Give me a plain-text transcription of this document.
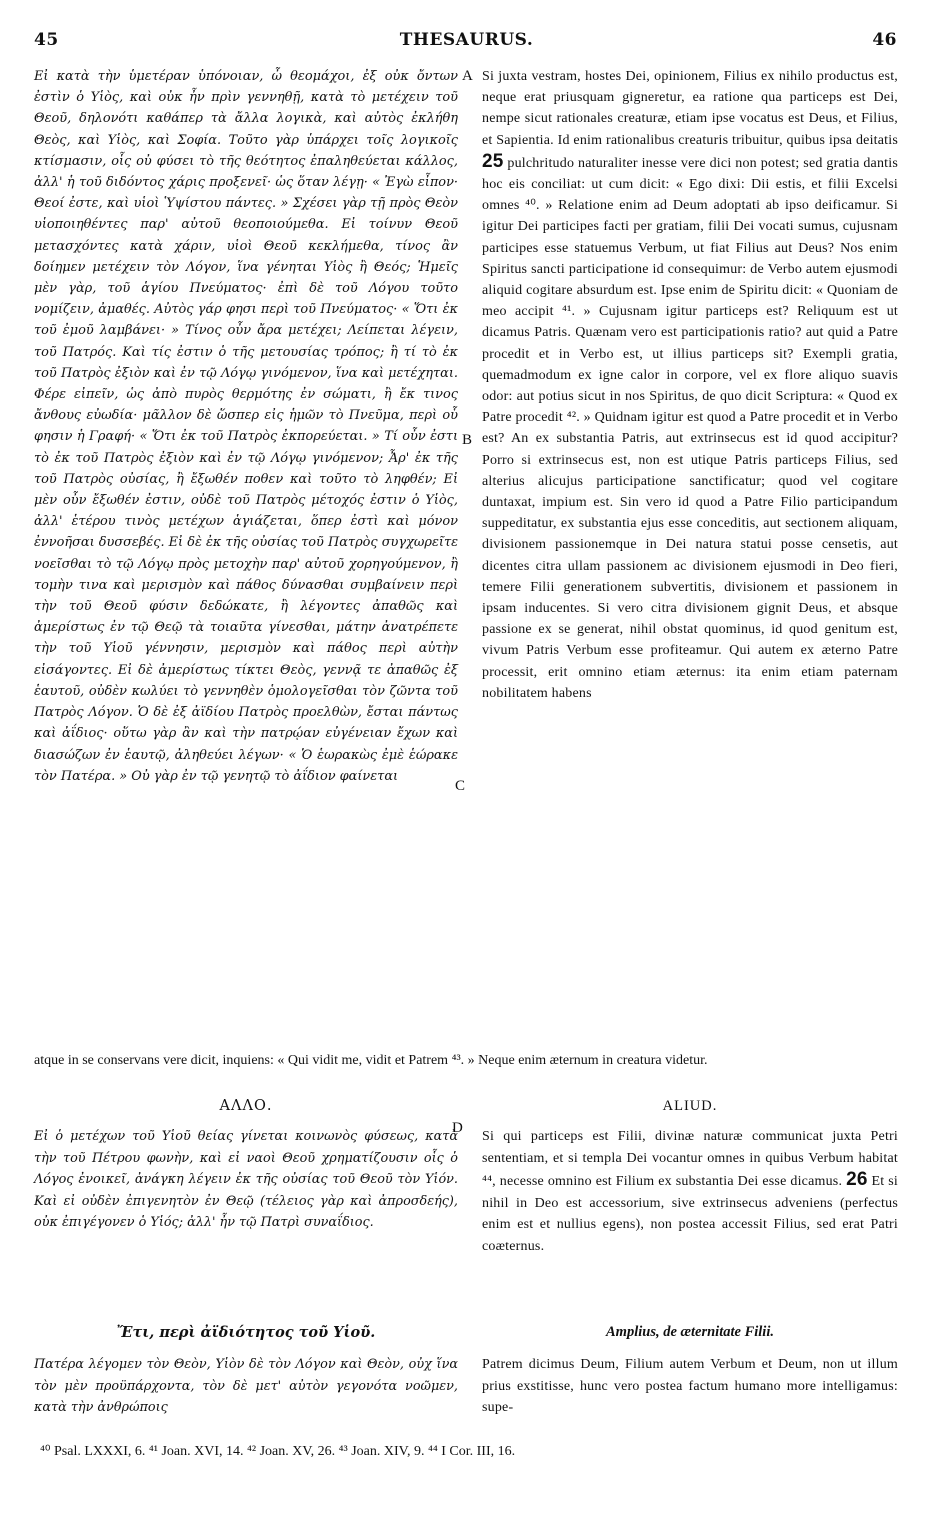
45	THESAURUS.	46

Εἰ κατὰ τὴν ὑμετέραν ὑπόνοιαν, ὦ θεομάχοι, ἐξ οὐκ ὄντων ἐστὶν ὁ Υἱὸς, καὶ οὐκ ἦν πρὶν γεννηθῇ, κατὰ τὸ μετέχειν τοῦ Θεοῦ, δηλονότι καθάπερ τὰ ἄλλα λογικὰ, καὶ αὐτὸς ἐκλήθη Θεὸς, καὶ Υἱὸς, καὶ Σοφία. Τοῦτο γὰρ ὑπάρχει τοῖς λογικοῖς κτίσμασιν, οἷς οὐ φύσει τὸ τῆς θεότητος ἐπαληθεύεται κάλλος, ἀλλ' ἡ τοῦ διδόντος χάρις προξενεῖ· ὡς ὅταν λέγῃ· « Ἐγὼ εἶπον· Θεοί ἐστε, καὶ υἱοὶ Ὑψίστου πάντες. » Σχέσει γὰρ τῇ πρὸς Θεὸν υἱοποιηθέντες παρ' αὐτοῦ θεοποιούμεθα. Εἰ τοίνυν Θεοῦ μετασχόντες κατὰ χάριν, υἱοὶ Θεοῦ κεκλήμεθα, τίνος ἂν δοίημεν μετέχειν τὸν Λόγον, ἵνα γένηται Υἱὸς ἢ Θεός; Ἡμεῖς μὲν γὰρ, τοῦ ἁγίου Πνεύματος· ἐπὶ δὲ τοῦ Λόγου τοῦτο νομίζειν, ἀμαθές. Αὐτὸς γάρ φησι περὶ τοῦ Πνεύματος· « Ὅτι ἐκ τοῦ ἐμοῦ λαμβάνει· » Τίνος οὖν ἄρα μετέχει; Λείπεται λέγειν, τοῦ Πατρός. Καὶ τίς ἐστιν ὁ τῆς μετουσίας τρόπος; ἢ τί τὸ ἐκ τοῦ Πατρὸς ἐξιὸν καὶ ἐν τῷ Λόγῳ γινόμενον, ἵνα καὶ μετέχηται. Φέρε εἰπεῖν, ὡς ἀπὸ πυρὸς θερμότης ἐν σώματι, ἢ ἔκ τινος ἄνθους εὐωδία· μᾶλλον δὲ ὥσπερ εἰς ἡμῶν τὸ Πνεῦμα, περὶ οὗ φησιν ἡ Γραφή· « Ὅτι ἐκ τοῦ Πατρὸς ἐκπορεύεται. » Τί οὖν ἐστι τὸ ἐκ τοῦ Πατρὸς ἐξιὸν καὶ ἐν τῷ Λόγῳ γινόμενον; Ἆρ' ἐκ τῆς τοῦ Πατρὸς οὐσίας, ἢ ἔξωθέν ποθεν καὶ τοῦτο τὸ ληφθέν; Εἰ μὲν οὖν ἔξωθέν ἐστιν, οὐδὲ τοῦ Πατρὸς μέτοχός ἐστιν ὁ Υἱὸς, ἀλλ' ἑτέρου τινὸς μετέχων ἁγιάζεται, ὅπερ ἐστὶ καὶ μόνον ἐννοῆσαι δυσσεβές. Εἰ δὲ ἐκ τῆς οὐσίας τοῦ Πατρὸς συγχωρεῖτε νοεῖσθαι τὸ τῷ Λόγῳ πρὸς μετοχὴν παρ' αὐτοῦ χορηγούμενον, ἢ τομὴν τινα καὶ μερισμὸν καὶ πάθος δύνασθαι συμβαίνειν περὶ τὴν τοῦ Θεοῦ φύσιν δεδώκατε, ἢ λέγοντες ἀπαθῶς καὶ ἀμερίστως ἐν τῷ Θεῷ τὰ τοιαῦτα γίνεσθαι, μάτην ἀνατρέπετε τὴν τοῦ Υἱοῦ γέννησιν, μερισμὸν καὶ πάθος περὶ αὐτὴν εἰσάγοντες. Εἰ δὲ ἀμερίστως τίκτει Θεὸς, γεννᾷ τε ἀπαθῶς ἐξ ἑαυτοῦ, οὐδὲν κωλύει τὸ γεννηθὲν ὁμολογεῖσθαι τὸν ζῶντα τοῦ Πατρὸς Λόγον. Ὁ δὲ ἐξ ἀϊδίου Πατρὸς προελθὼν, ἔσται πάντως καὶ ἀΐδιος· οὕτω γὰρ ἂν καὶ τὴν πατρῴαν εὐγένειαν ἔχων καὶ διασώζων ἐν ἑαυτῷ, ἀληθεύει λέγων· « Ὁ ἑωρακὼς ἐμὲ ἑώρακε τὸν Πατέρα. » Οὐ γὰρ ἐν τῷ γενητῷ τὸ ἀΐδιον φαίνεται

A
B
C
D
Si juxta vestram, hostes Dei, opinionem, Filius ex nihilo productus est, neque erat priusquam gigneretur, ea ratione qua particeps est Dei, nempe sicut rationales creaturæ, etiam ipse vocatus est Deus, et Filius, et Sapientia. Id enim rationalibus creaturis tribuitur, quibus ipsa deitatis 25 pulchritudo naturaliter inesse vere dici non potest; sed gratia dantis hoc eis conciliat: ut cum dicit: « Ego dixi: Dii estis, et filii Excelsi omnes ⁴⁰. » Relatione enim ad Deum adoptati ab ipso deificamur. Si igitur Dei participes facti per gratiam, filii Dei vocati sumus, cujusnam participes esse statuemus Verbum, ut fiat Filius aut Deus? Nos enim Spiritus sancti participatione id consequimur: de Verbo autem ejusmodi aliquid cogitare absurdum est. Ipse enim de Spiritu dicit: « Quoniam de meo accipit ⁴¹. » Cujusnam igitur particeps est? Reliquum est ut dicamus Patris. Quænam vero est participationis ratio? aut quid a Patre procedit et in Verbo est, ut illius particeps sit? Exempli gratia, quemadmodum ex igne calor in corpore, vel ex flore aliquo suavis odor: aut potius sicut in nos Spiritus, de quo dicit Scriptura: « Quod ex Patre procedit ⁴². » Quidnam igitur est quod a Patre procedit et in Verbo est? An ex substantia Patris, aut extrinsecus est id quod accipitur? Porro si extrinsecus est, non est utique Patris particeps Filius, sed alterius alicujus participatione sanctificatur; quod vel cogitare duntaxat, impium est. Sin vero id quod a Patre Filio participandum suppeditatur, ex substantia ejus esse conceditis, aut sectionem aliquam, divisionem passionemque in Dei natura statui posse censetis, aut dicentes citra ullam passionem ac divisionem ejusmodi in Deo fieri, temere Filii generationem subvertitis, divisionem et passionem in ipsam inducentes. Si vero citra divisionem gignit Deus, et absque passione ex se generat, nihil obstat quominus, id quod genitum est, vivum Patris Verbum esse profiteamur. Qui autem ex æterno Patre processit, erit omnino etiam æternus: ita enim etiam paternam nobilitatem habens

atque in se conservans vere dicit, inquiens: « Qui vidit me, vidit et Patrem ⁴³. » Neque enim æternum in creatura videtur.

ΑΛΛΟ.	ALIUD.

Εἰ ὁ μετέχων τοῦ Υἱοῦ θείας γίνεται κοινωνὸς φύσεως, κατὰ τὴν τοῦ Πέτρου φωνὴν, καὶ εἰ ναοὶ Θεοῦ χρηματίζουσιν οἷς ὁ Λόγος ἐνοικεῖ, ἀνάγκη λέγειν ἐκ τῆς οὐσίας τοῦ Θεοῦ τὸν Υἱόν. Καὶ εἰ οὐδὲν ἐπιγενητὸν ἐν Θεῷ (τέλειος γὰρ καὶ ἀπροσδεής), οὐκ ἐπιγέγονεν ὁ Υἱός; ἀλλ' ἦν τῷ Πατρὶ συναΐδιος.

Si qui particeps est Filii, divinæ naturæ communicat juxta Petri sententiam, et si templa Dei vocantur omnes in quibus Verbum habitat ⁴⁴, necesse omnino est Filium ex substantia Dei esse dicamus. 26 Et si nihil in Deo est accessorium, sive extrinsecus adveniens (perfectus enim est et nullius egens), non postea accessit Filius, sed erat Patri coæternus.
Ἔτι, περὶ ἀϊδιότητος τοῦ Υἱοῦ.	Amplius, de æternitate Filii.

Πατέρα λέγομεν τὸν Θεὸν, Υἱὸν δὲ τὸν Λόγον καὶ Θεὸν, οὐχ ἵνα τὸν μὲν προϋπάρχοντα, τὸν δὲ μετ' αὐτὸν γεγονότα νοῶμεν, κατὰ τὴν ἀνθρώποις

Patrem dicimus Deum, Filium autem Verbum et Deum, non ut illum prius exstitisse, hunc vero postea factum humano more intelligamus: supe-

⁴⁰ Psal. LXXXI, 6. ⁴¹ Joan. XVI, 14. ⁴² Joan. XV, 26. ⁴³ Joan. XIV, 9. ⁴⁴ I Cor. III, 16.
